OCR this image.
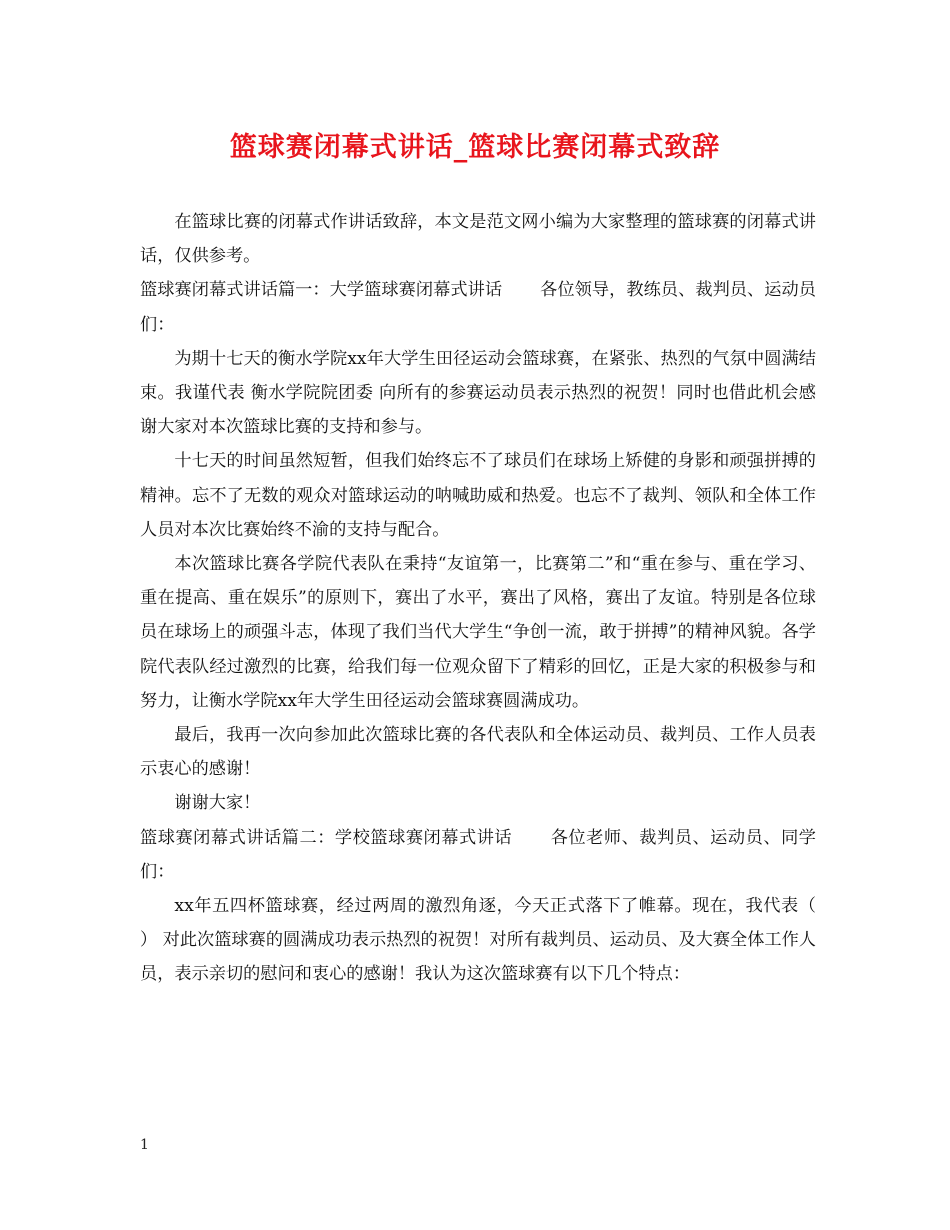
篮球赛闭幕式讲话_篮球比赛闭幕式致辞

在篮球比赛的闭幕式作讲话致辞，本文是范文网小编为大家整理的篮球赛的闭幕式讲话，仅供参考。

篮球赛闭幕式讲话篇一：大学篮球赛闭幕式讲话 各位领导，教练员、裁判员、运动员们：

为期十七天的衡水学院xx年大学生田径运动会篮球赛，在紧张、热烈的气氛中圆满结束。我谨代表 衡水学院院团委 向所有的参赛运动员表示热烈的祝贺！同时也借此机会感谢大家对本次篮球比赛的支持和参与。

十七天的时间虽然短暂，但我们始终忘不了球员们在球场上矫健的身影和顽强拼搏的精神。忘不了无数的观众对篮球运动的呐喊助威和热爱。也忘不了裁判、领队和全体工作人员对本次比赛始终不渝的支持与配合。

本次篮球比赛各学院代表队在秉持“友谊第一，比赛第二”和“重在参与、重在学习、重在提高、重在娱乐”的原则下，赛出了水平，赛出了风格，赛出了友谊。特别是各位球员在球场上的顽强斗志，体现了我们当代大学生“争创一流，敢于拼搏”的精神风貌。各学院代表队经过激烈的比赛，给我们每一位观众留下了精彩的回忆，正是大家的积极参与和努力，让衡水学院xx年大学生田径运动会篮球赛圆满成功。

最后，我再一次向参加此次篮球比赛的各代表队和全体运动员、裁判员、工作人员表示衷心的感谢！

谢谢大家！

篮球赛闭幕式讲话篇二：学校篮球赛闭幕式讲话 各位老师、裁判员、运动员、同学们：

xx年五四杯篮球赛，经过两周的激烈角逐，今天正式落下了帷幕。现在，我代表（ ） 对此次篮球赛的圆满成功表示热烈的祝贺！对所有裁判员、运动员、及大赛全体工作人员，表示亲切的慰问和衷心的感谢！我认为这次篮球赛有以下几个特点：

1
